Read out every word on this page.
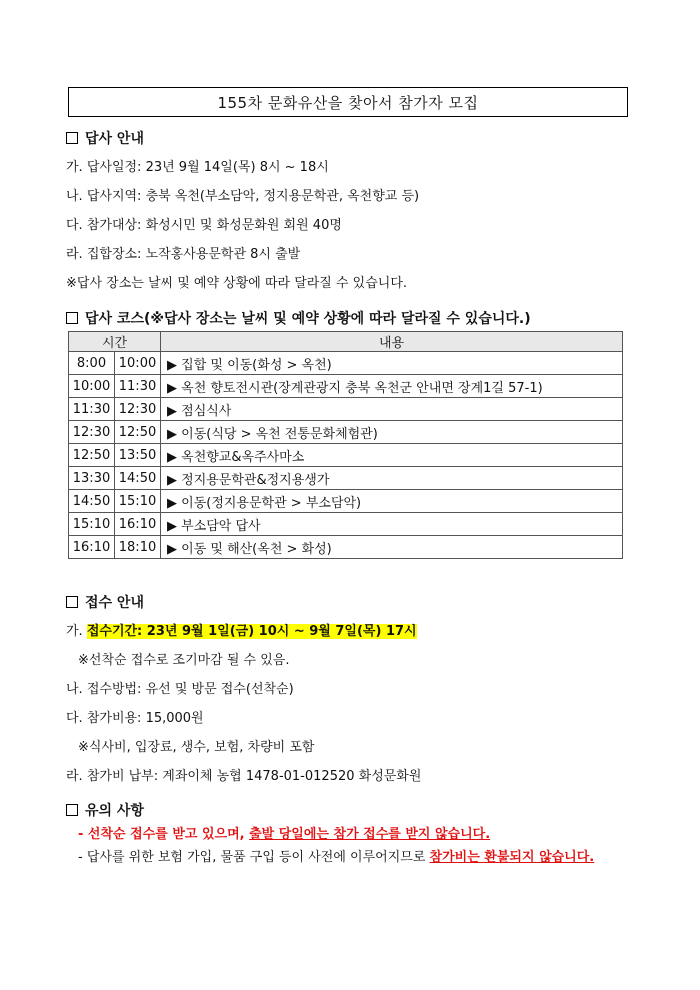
155차 문화유산을 찾아서 참가자 모집
답사 안내
가. 답사일정: 23년 9월 14일(목) 8시 ~ 18시
나. 답사지역: 충북 옥천(부소담악, 정지용문학관, 옥천향교 등)
다. 참가대상: 화성시민 및 화성문화원 회원 40명
라. 집합장소: 노작홍사용문학관 8시 출발
※답사 장소는 날씨 및 예약 상황에 따라 달라질 수 있습니다.
답사 코스(※답사 장소는 날씨 및 예약 상황에 따라 달라질 수 있습니다.)
시간		내용
8:00	10:00	▶ 집합 및 이동(화성 > 옥천)
10:00	11:30	▶ 옥천 향토전시관(장계관광지 충북 옥천군 안내면 장계1길 57-1)
11:30	12:30	▶ 점심식사
12:30	12:50	▶ 이동(식당 > 옥천 전통문화체험관)
12:50	13:50	▶ 옥천향교&옥주사마소
13:30	14:50	▶ 정지용문학관&정지용생가
14:50	15:10	▶ 이동(정지용문학관 > 부소담악)
15:10	16:10	▶ 부소담악 답사
16:10	18:10	▶ 이동 및 해산(옥천 > 화성)
접수 안내
가. 접수기간: 23년 9월 1일(금) 10시 ~ 9월 7일(목) 17시
※선착순 접수로 조기마감 될 수 있음.
나. 접수방법: 유선 및 방문 접수(선착순)
다. 참가비용: 15,000원
※식사비, 입장료, 생수, 보험, 차량비 포함
라. 참가비 납부: 계좌이체 농협 1478-01-012520 화성문화원
유의 사항
- 선착순 접수를 받고 있으며, 출발 당일에는 참가 접수를 받지 않습니다.
- 답사를 위한 보험 가입, 물품 구입 등이 사전에 이루어지므로 참가비는 환불되지 않습니다.
